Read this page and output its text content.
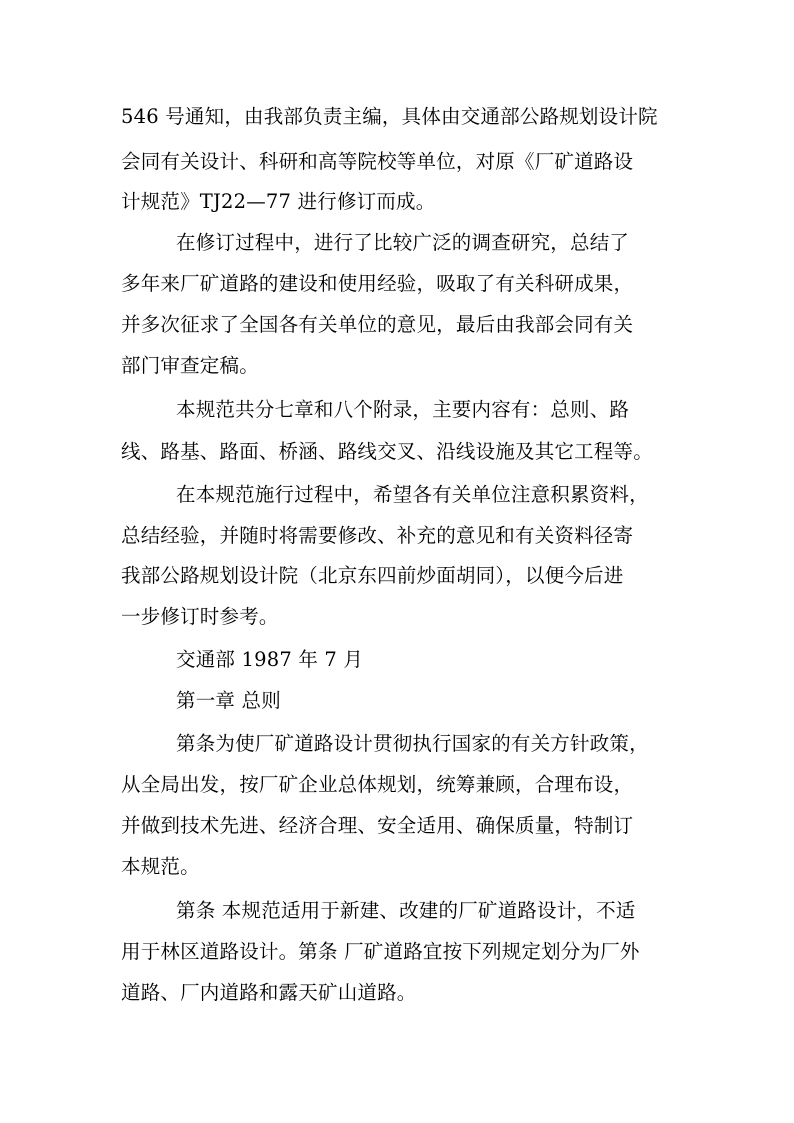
546 号通知，由我部负责主编，具体由交通部公路规划设计院
会同有关设计、科研和高等院校等单位，对原《厂矿道路设
计规范》TJ22—77 进行修订而成。
在修订过程中，进行了比较广泛的调查研究，总结了
多年来厂矿道路的建设和使用经验，吸取了有关科研成果，
并多次征求了全国各有关单位的意见，最后由我部会同有关
部门审查定稿。
本规范共分七章和八个附录，主要内容有：总则、路
线、路基、路面、桥涵、路线交叉、沿线设施及其它工程等。
在本规范施行过程中，希望各有关单位注意积累资料，
总结经验，并随时将需要修改、补充的意见和有关资料径寄
我部公路规划设计院（北京东四前炒面胡同），以便今后进
一步修订时参考。
交通部 1987 年 7 月
第一章 总则
第条为使厂矿道路设计贯彻执行国家的有关方针政策，
从全局出发，按厂矿企业总体规划，统筹兼顾，合理布设，
并做到技术先进、经济合理、安全适用、确保质量，特制订
本规范。
第条 本规范适用于新建、改建的厂矿道路设计，不适
用于林区道路设计。第条 厂矿道路宜按下列规定划分为厂外
道路、厂内道路和露天矿山道路。
